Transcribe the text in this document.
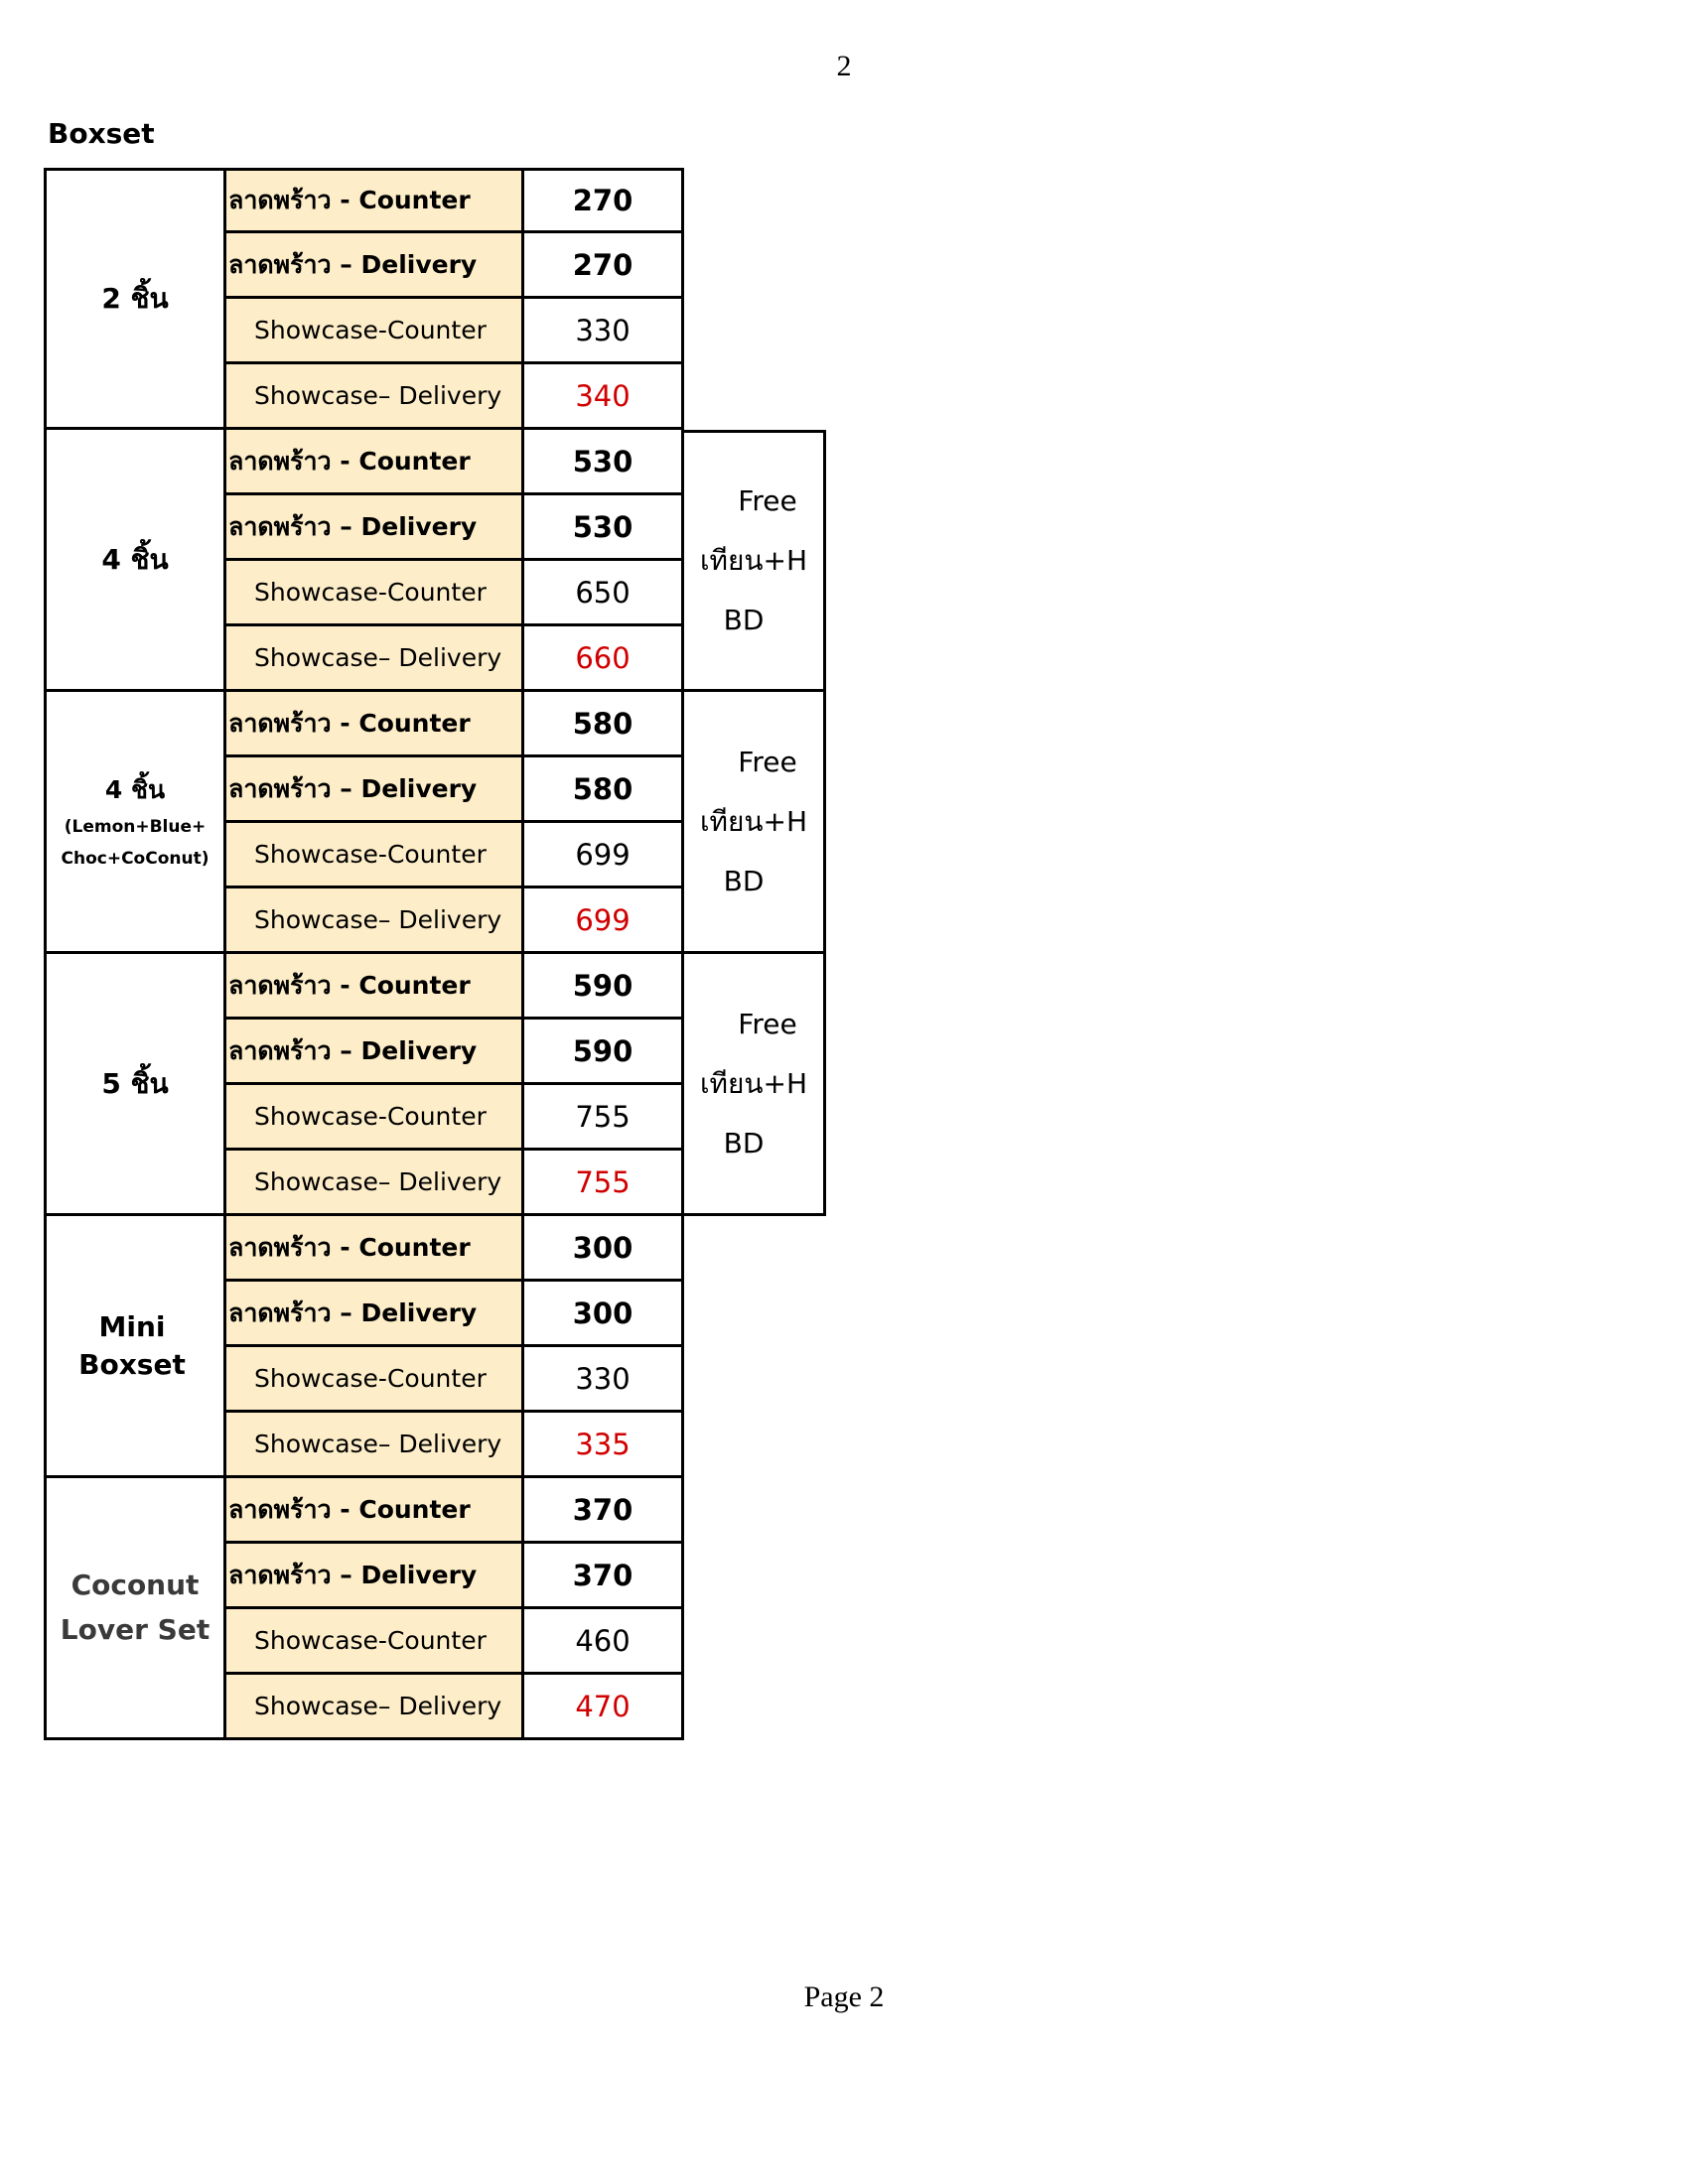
2
Boxset
2 ชิ้น
ลาดพร้าว - Counter	270
ลาดพร้าว – Delivery	270
Showcase-Counter	330
Showcase– Delivery	340
4 ชิ้น
ลาดพร้าว - Counter	530
Free
เทียน+H
BD
ลาดพร้าว – Delivery	530
Showcase-Counter	650
Showcase– Delivery	660
4 ชิ้น
(Lemon+Blue+
Choc+CoConut)
ลาดพร้าว - Counter	580
Free
เทียน+H
BD
ลาดพร้าว – Delivery	580
Showcase-Counter	699
Showcase– Delivery	699
5 ชิ้น
ลาดพร้าว - Counter	590
Free
เทียน+H
BD
ลาดพร้าว – Delivery	590
Showcase-Counter	755
Showcase– Delivery	755
Mini Boxset
ลาดพร้าว - Counter	300
ลาดพร้าว – Delivery	300
Showcase-Counter	330
Showcase– Delivery	335
Coconut
Lover Set
ลาดพร้าว - Counter	370
ลาดพร้าว – Delivery	370
Showcase-Counter	460
Showcase– Delivery	470
Page 2
